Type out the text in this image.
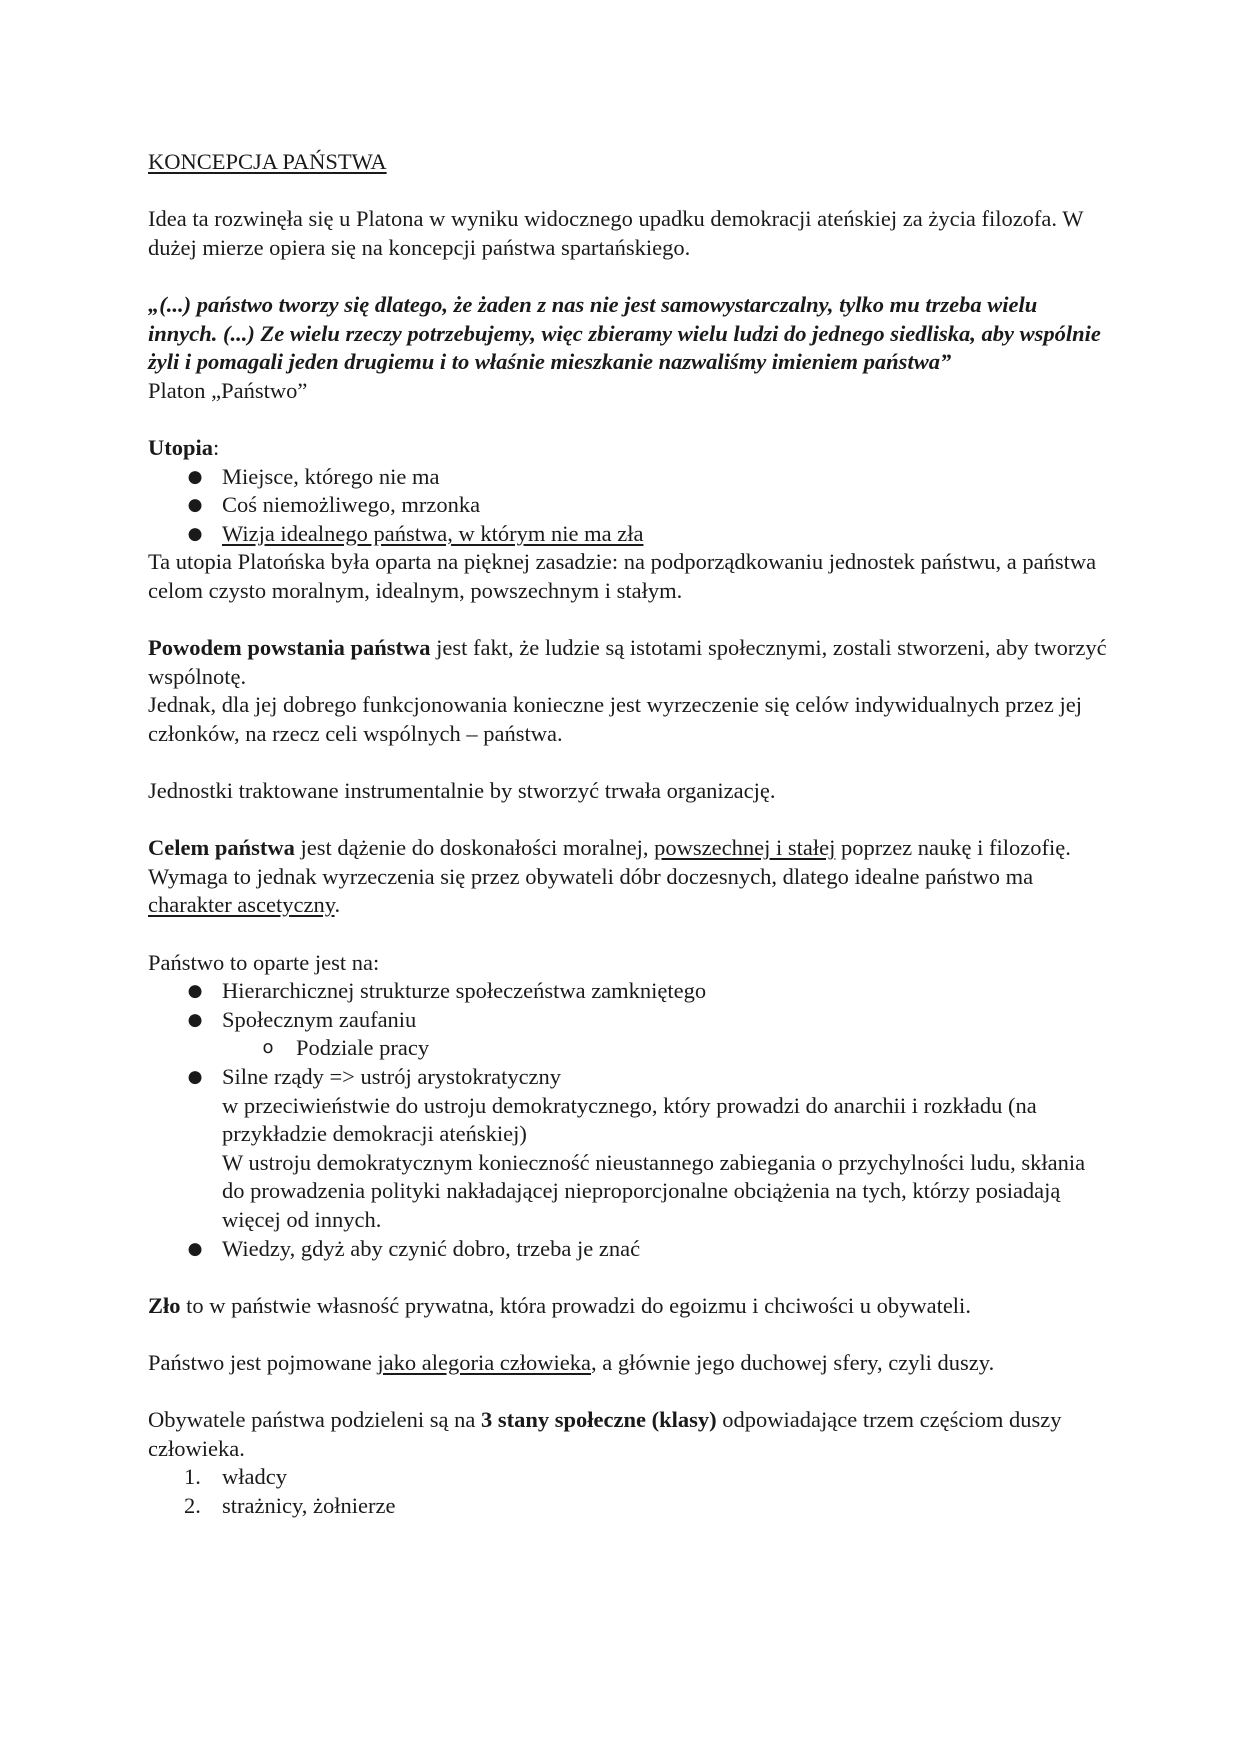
KONCEPCJA PAŃSTWA

Idea ta rozwinęła się u Platona w wyniku widocznego upadku demokracji ateńskiej za życia filozofa. W dużej mierze opiera się na koncepcji państwa spartańskiego.

„(...) państwo tworzy się dlatego, że żaden z nas nie jest samowystarczalny, tylko mu trzeba wielu innych. (...) Ze wielu rzeczy potrzebujemy, więc zbieramy wielu ludzi do jednego siedliska, aby wspólnie żyli i pomagali jeden drugiemu i to właśnie mieszkanie nazwaliśmy imieniem państwa”

Platon „Państwo”

Utopia:

● Miejsce, którego nie ma
● Coś niemożliwego, mrzonka
● Wizja idealnego państwa, w którym nie ma zła

Ta utopia Platońska była oparta na pięknej zasadzie: na podporządkowaniu jednostek państwu, a państwa celom czysto moralnym, idealnym, powszechnym i stałym.

Powodem powstania państwa jest fakt, że ludzie są istotami społecznymi, zostali stworzeni, aby tworzyć wspólnotę.

Jednak, dla jej dobrego funkcjonowania konieczne jest wyrzeczenie się celów indywidualnych przez jej członków, na rzecz celi wspólnych – państwa.

Jednostki traktowane instrumentalnie by stworzyć trwała organizację.

Celem państwa jest dążenie do doskonałości moralnej, powszechnej i stałej poprzez naukę i filozofię. Wymaga to jednak wyrzeczenia się przez obywateli dóbr doczesnych, dlatego idealne państwo ma charakter ascetyczny.

Państwo to oparte jest na:

● Hierarchicznej strukturze społeczeństwa zamkniętego
● Społecznym zaufaniu
o Podziale pracy
● Silne rządy => ustrój arystokratyczny
w przeciwieństwie do ustroju demokratycznego, który prowadzi do anarchii i rozkładu (na przykładzie demokracji ateńskiej)
W ustroju demokratycznym konieczność nieustannego zabiegania o przychylności ludu, skłania do prowadzenia polityki nakładającej nieproporcjonalne obciążenia na tych, którzy posiadają więcej od innych.
● Wiedzy, gdyż aby czynić dobro, trzeba je znać

Zło to w państwie własność prywatna, która prowadzi do egoizmu i chciwości u obywateli.

Państwo jest pojmowane jako alegoria człowieka, a głównie jego duchowej sfery, czyli duszy.

Obywatele państwa podzieleni są na 3 stany społeczne (klasy) odpowiadające trzem częściom duszy człowieka.

1. władcy
2. strażnicy, żołnierze
